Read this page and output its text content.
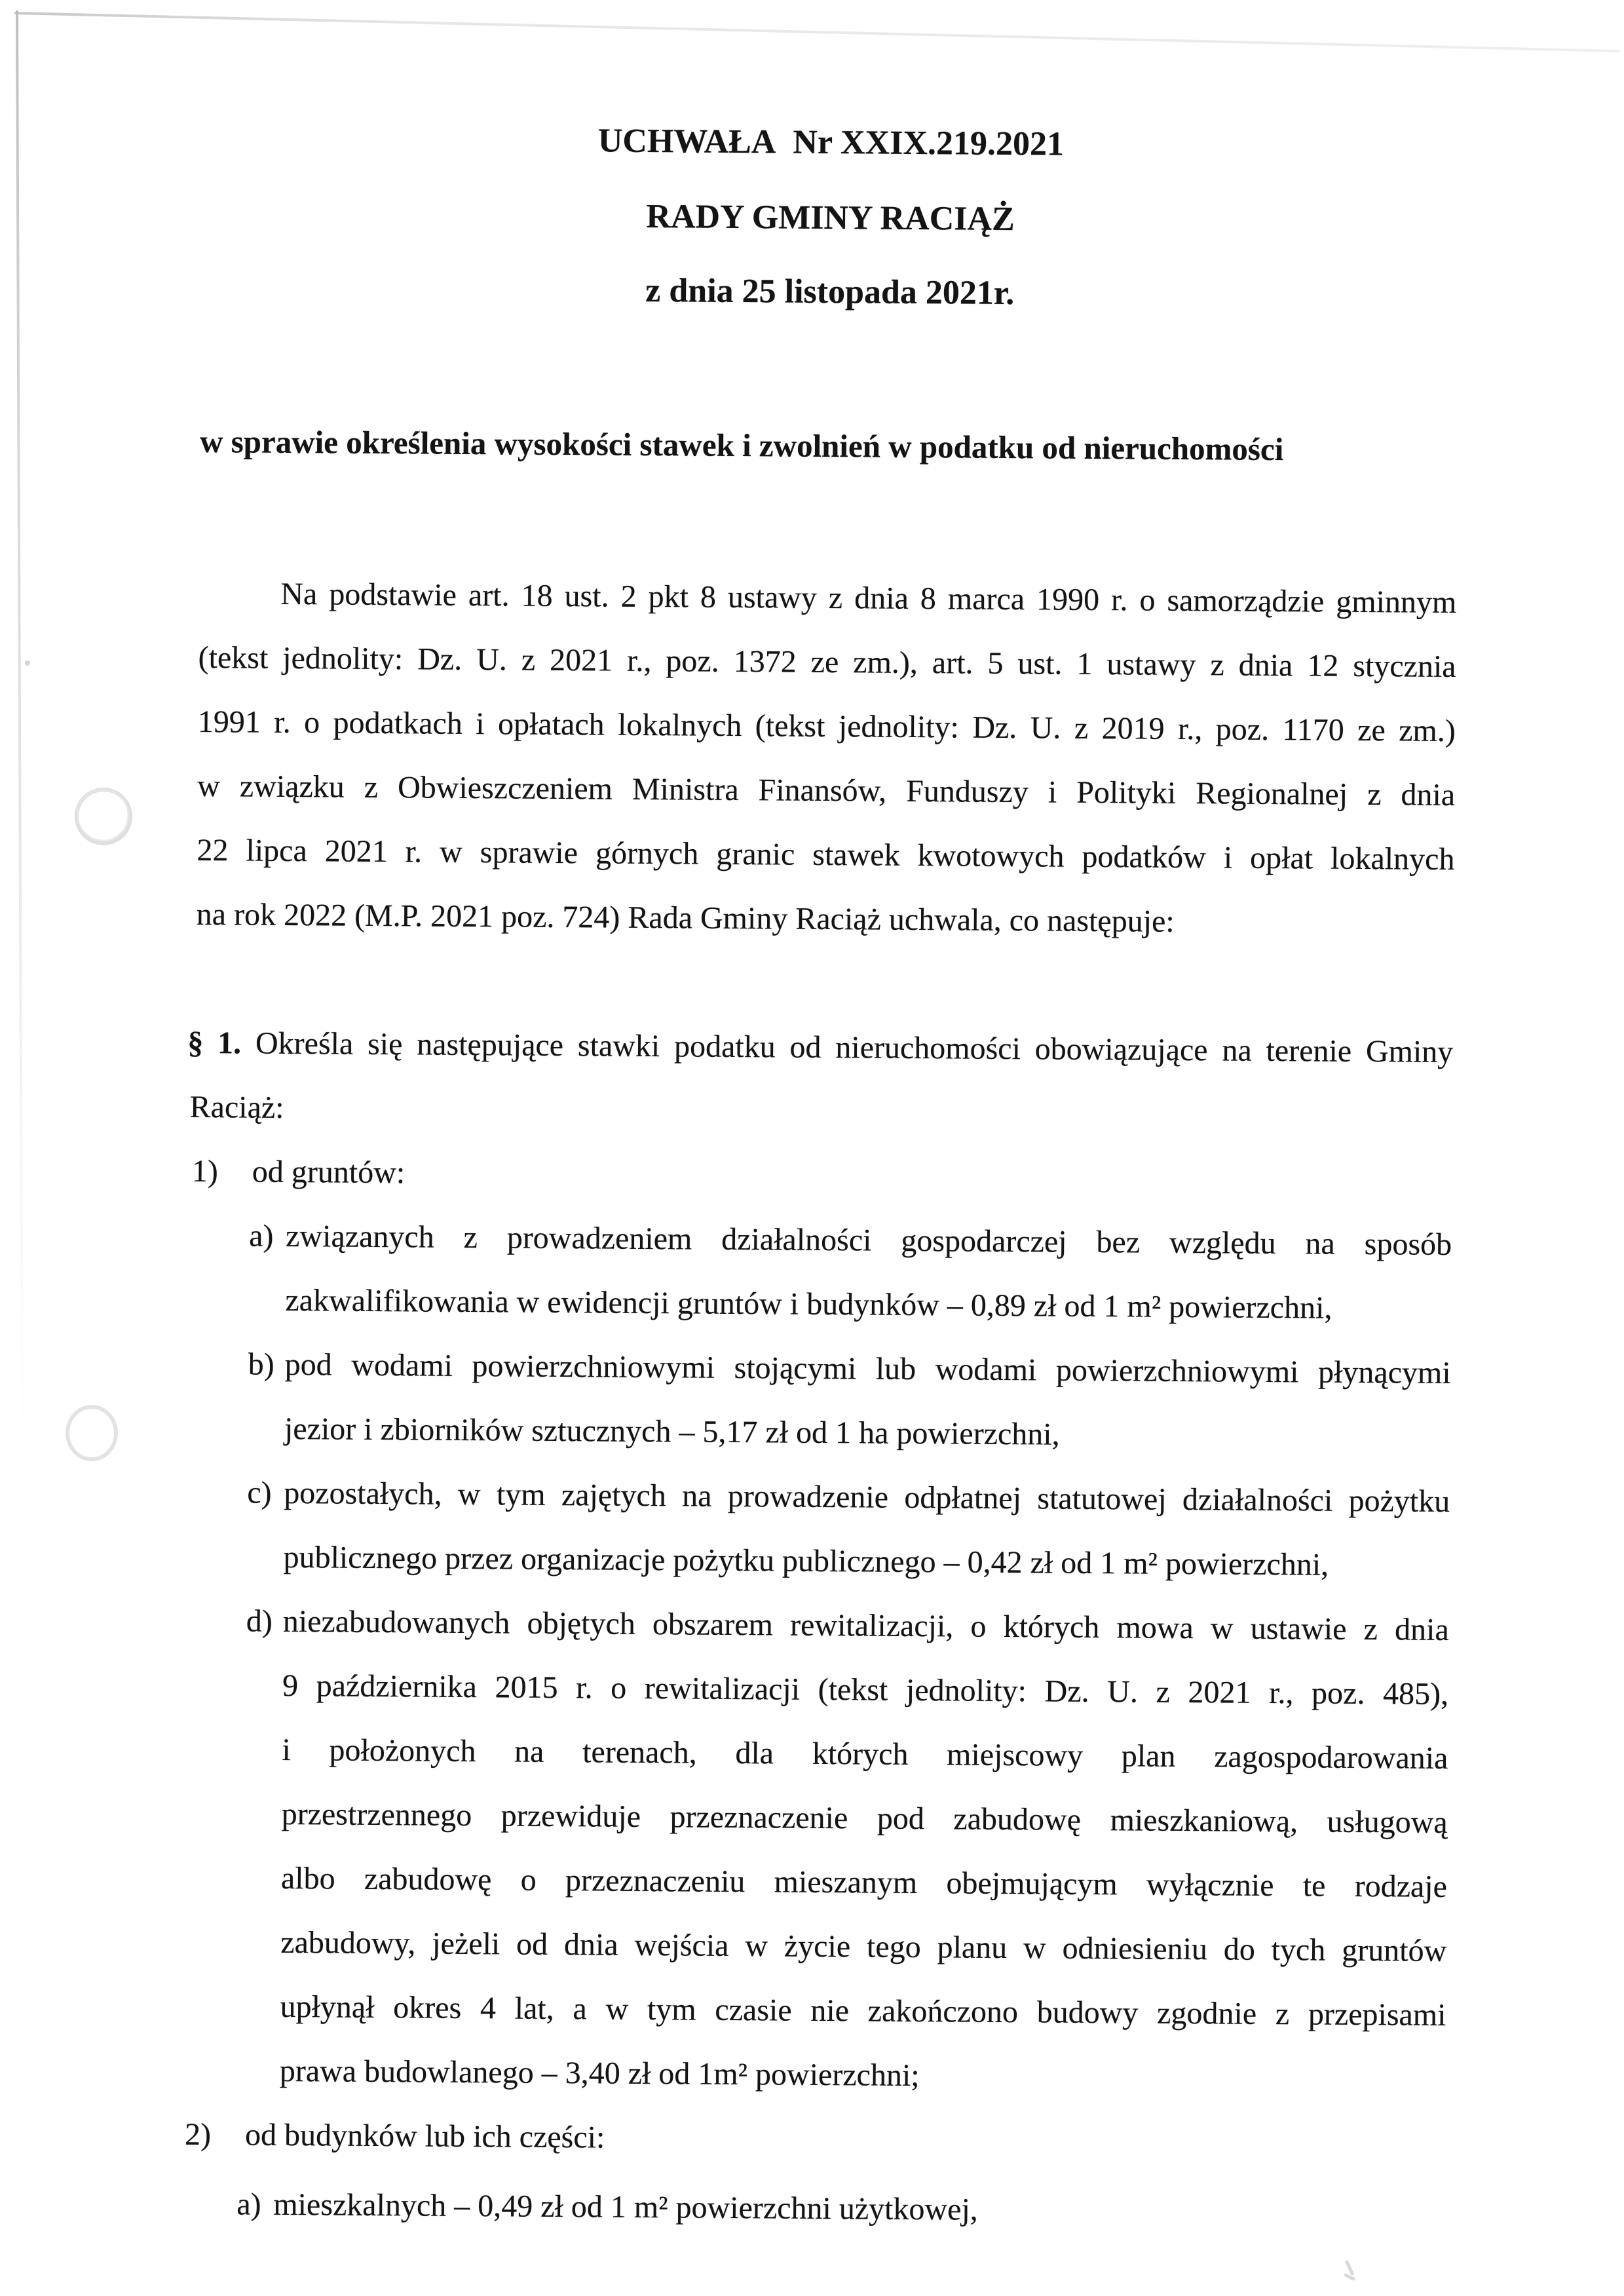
UCHWAŁA  Nr XXIX.219.2021
RADY GMINY RACIĄŻ
z dnia 25 listopada 2021r.
w sprawie określenia wysokości stawek i zwolnień w podatku od nieruchomości
Na podstawie art. 18 ust. 2 pkt 8 ustawy z dnia 8 marca 1990 r. o samorządzie gminnym
(tekst jednolity: Dz. U. z 2021 r., poz. 1372 ze zm.), art. 5 ust. 1 ustawy z dnia 12 stycznia
1991 r. o podatkach i opłatach lokalnych (tekst jednolity: Dz. U. z 2019 r., poz. 1170 ze zm.)
w związku z Obwieszczeniem Ministra Finansów, Funduszy i Polityki Regionalnej z dnia
22 lipca 2021 r. w sprawie górnych granic stawek kwotowych podatków i opłat lokalnych
na rok 2022 (M.P. 2021 poz. 724) Rada Gminy Raciąż uchwala, co następuje:
§ 1. Określa się następujące stawki podatku od nieruchomości obowiązujące na terenie Gminy
Raciąż:
1)	od gruntów:
a) związanych z prowadzeniem działalności gospodarczej bez względu na sposób
zakwalifikowania w ewidencji gruntów i budynków – 0,89 zł od 1 m² powierzchni,
b) pod wodami powierzchniowymi stojącymi lub wodami powierzchniowymi płynącymi
jezior i zbiorników sztucznych – 5,17 zł od 1 ha powierzchni,
c) pozostałych, w tym zajętych na prowadzenie odpłatnej statutowej działalności pożytku
publicznego przez organizacje pożytku publicznego – 0,42 zł od 1 m² powierzchni,
d) niezabudowanych objętych obszarem rewitalizacji, o których mowa w ustawie z dnia
9 października 2015 r. o rewitalizacji (tekst jednolity: Dz. U. z 2021 r., poz. 485),
i położonych na terenach, dla których miejscowy plan zagospodarowania
przestrzennego przewiduje przeznaczenie pod zabudowę mieszkaniową, usługową
albo zabudowę o przeznaczeniu mieszanym obejmującym wyłącznie te rodzaje
zabudowy, jeżeli od dnia wejścia w życie tego planu w odniesieniu do tych gruntów
upłynął okres 4 lat, a w tym czasie nie zakończono budowy zgodnie z przepisami
prawa budowlanego – 3,40 zł od 1m² powierzchni;
2)	od budynków lub ich części:
a) mieszkalnych – 0,49 zł od 1 m² powierzchni użytkowej,
